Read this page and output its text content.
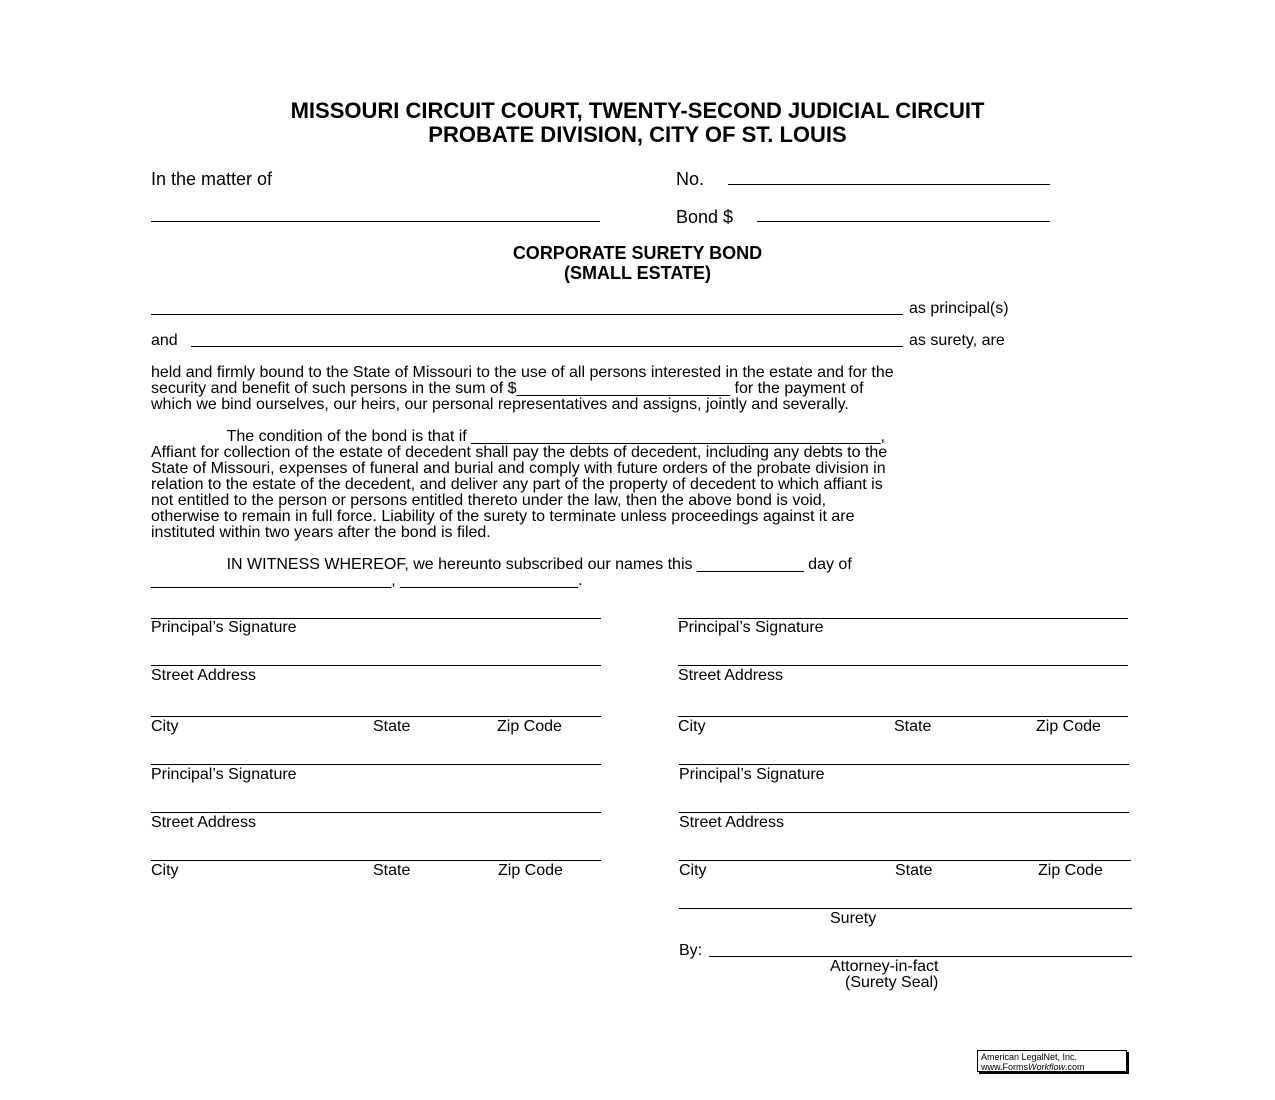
MISSOURI CIRCUIT COURT, TWENTY-SECOND JUDICIAL CIRCUIT
PROBATE DIVISION, CITY OF ST. LOUIS
In the matter of	No.
Bond $
CORPORATE SURETY BOND
(SMALL ESTATE)
as principal(s)
and	as surety, are
held and firmly bound to the State of Missouri to the use of all persons interested in the estate and for the
security and benefit of such persons in the sum of $________________________ for the payment of
which we bind ourselves, our heirs, our personal representatives and assigns, jointly and severally.
The condition of the bond is that if ______________________________________________,
Affiant for collection of the estate of decedent shall pay the debts of decedent, including any debts to the
State of Missouri, expenses of funeral and burial and comply with future orders of the probate division in
relation to the estate of the decedent, and deliver any part of the property of decedent to which affiant is
not entitled to the person or persons entitled thereto under the law, then the above bond is void,
otherwise to remain in full force. Liability of the surety to terminate unless proceedings against it are
instituted within two years after the bond is filed.
IN WITNESS WHEREOF, we hereunto subscribed our names this ____________ day of
___________________________, ____________________.
Principal’s Signature
Street Address
City	State	Zip Code
Principal’s Signature
Street Address
City	State	Zip Code
Principal’s Signature
Street Address
City	State	Zip Code
Principal’s Signature
Street Address
City	State	Zip Code
Surety
By:
Attorney-in-fact
(Surety Seal)
American LegalNet, Inc.
www.FormsWorkflow.com
